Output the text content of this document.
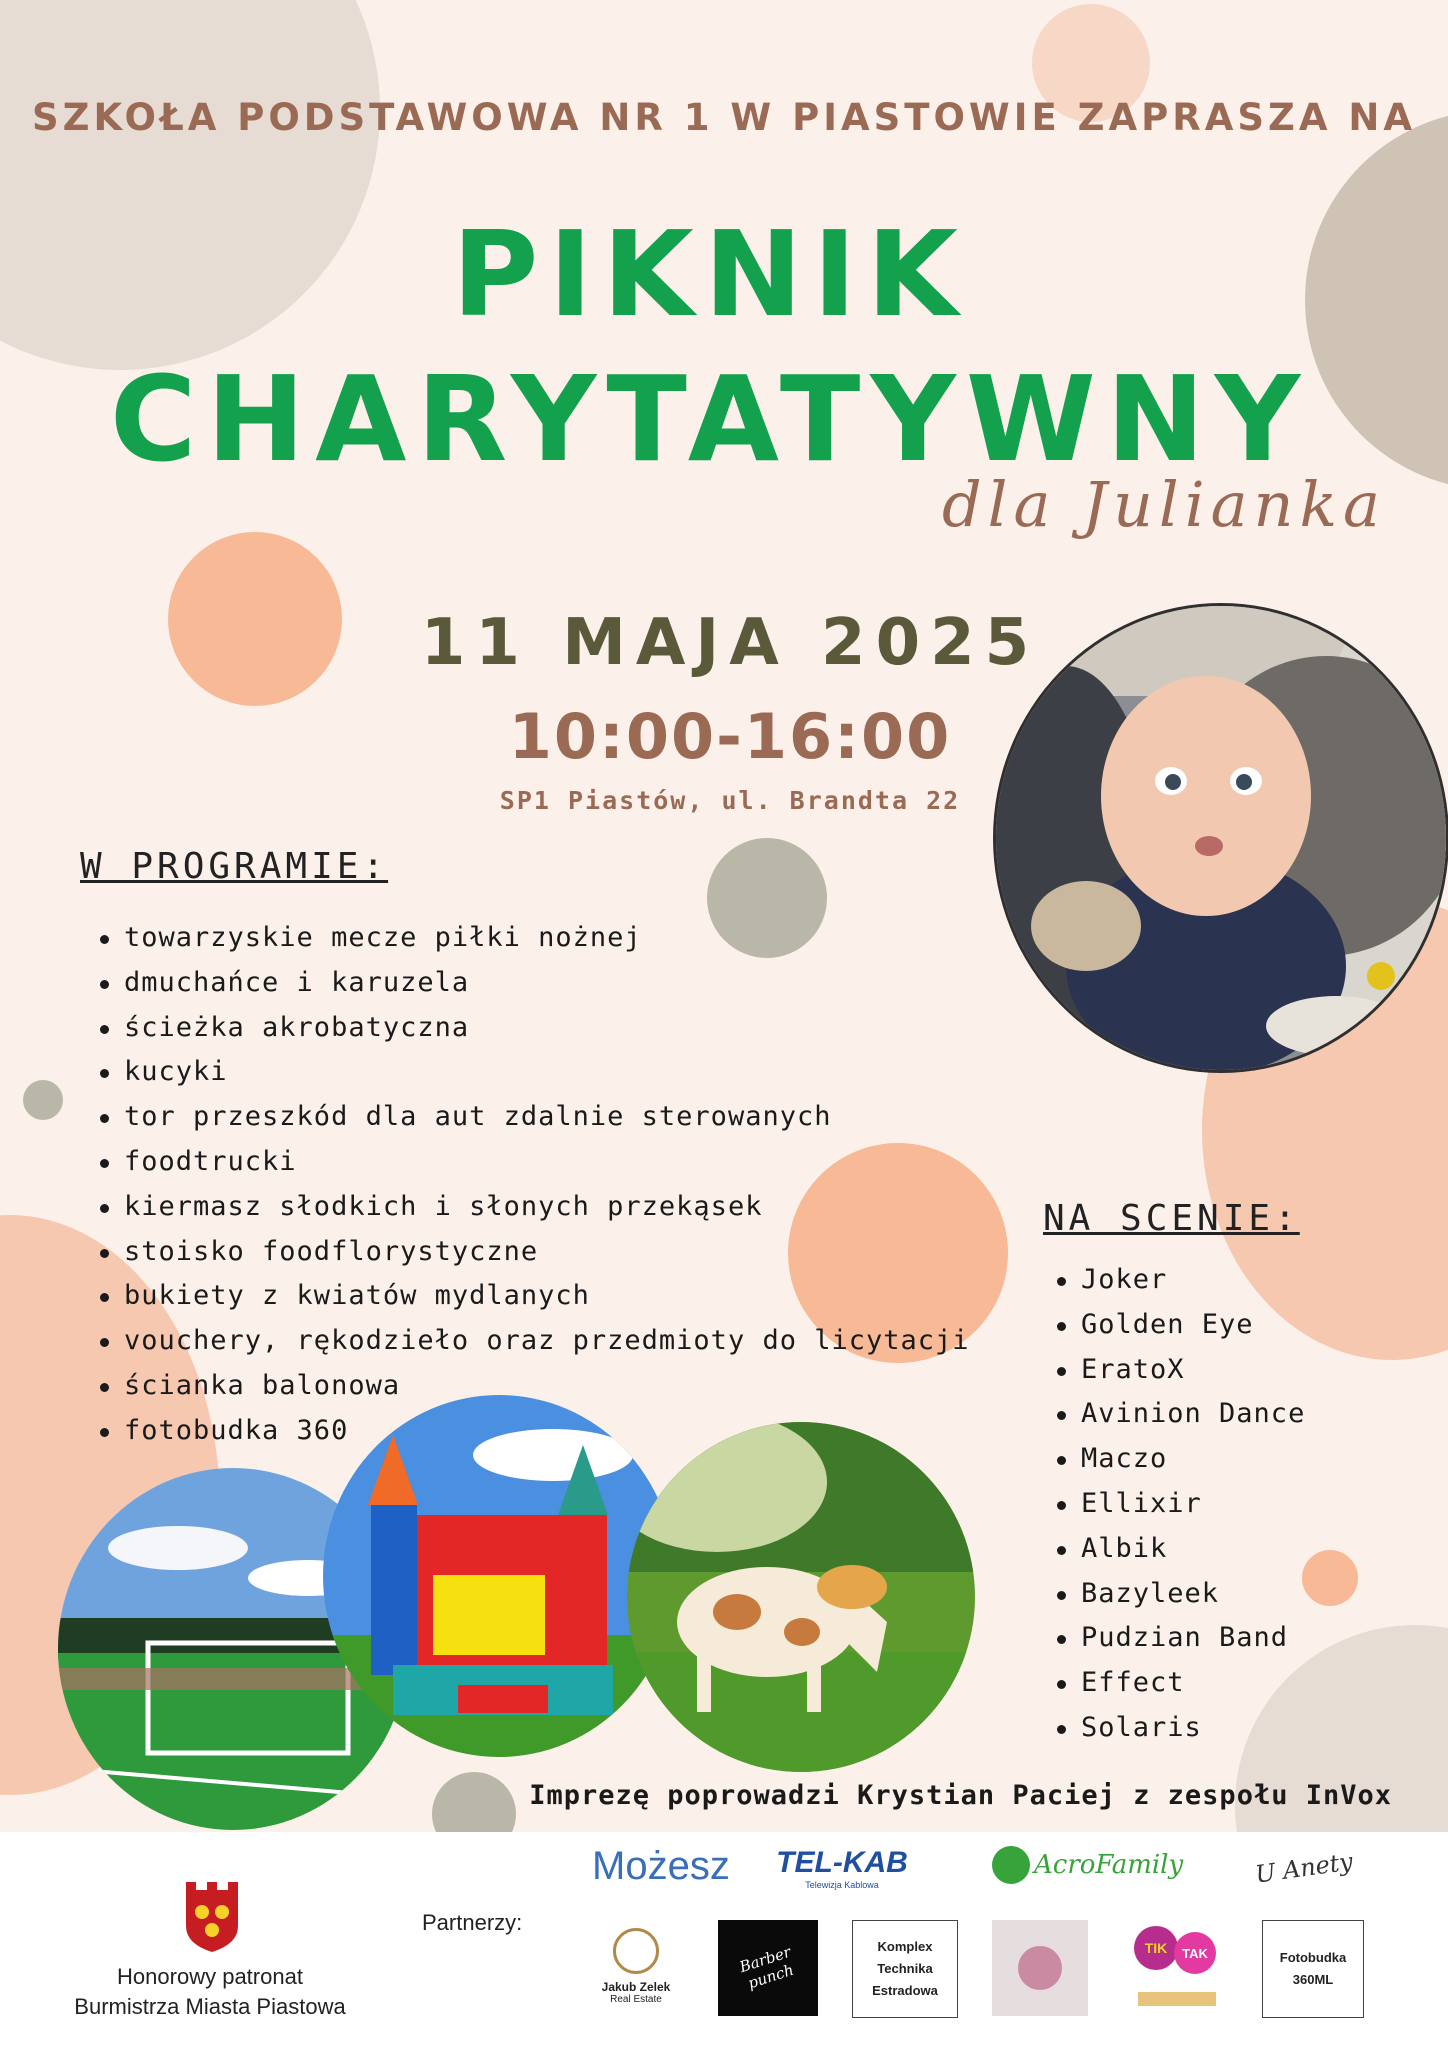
SZKOŁA PODSTAWOWA NR 1 W PIASTOWIE ZAPRASZA NA
PIKNIK
CHARYTATYWNY
dla Julianka
11 MAJA 2025
10:00-16:00
SP1 Piastów, ul. Brandta 22
W PROGRAMIE:
towarzyskie mecze piłki nożnej
dmuchańce i karuzela
ścieżka akrobatyczna
kucyki
tor przeszkód dla aut zdalnie sterowanych
foodtrucki
kiermasz słodkich i słonych przekąsek
stoisko foodflorystyczne
bukiety z kwiatów mydlanych
vouchery, rękodzieło oraz przedmioty do licytacji
ścianka balonowa
fotobudka 360
NA SCENIE:
Joker
Golden Eye
EratoX
Avinion Dance
Maczo
Ellixir
Albik
Bazyleek
Pudzian Band
Effect
Solaris
Imprezę poprowadzi Krystian Paciej z zespołu InVox
Honorowy patronat
Burmistrza Miasta Piastowa
Partnerzy:
Możesz TEL-KAB
Telewizja Kablowa
AcroFamily	U Anety
Jakub Zelek
Real Estate
Barber punch
Komplex
Technika
Estradowa
TIK	TAK	Fotobudka
360ML
